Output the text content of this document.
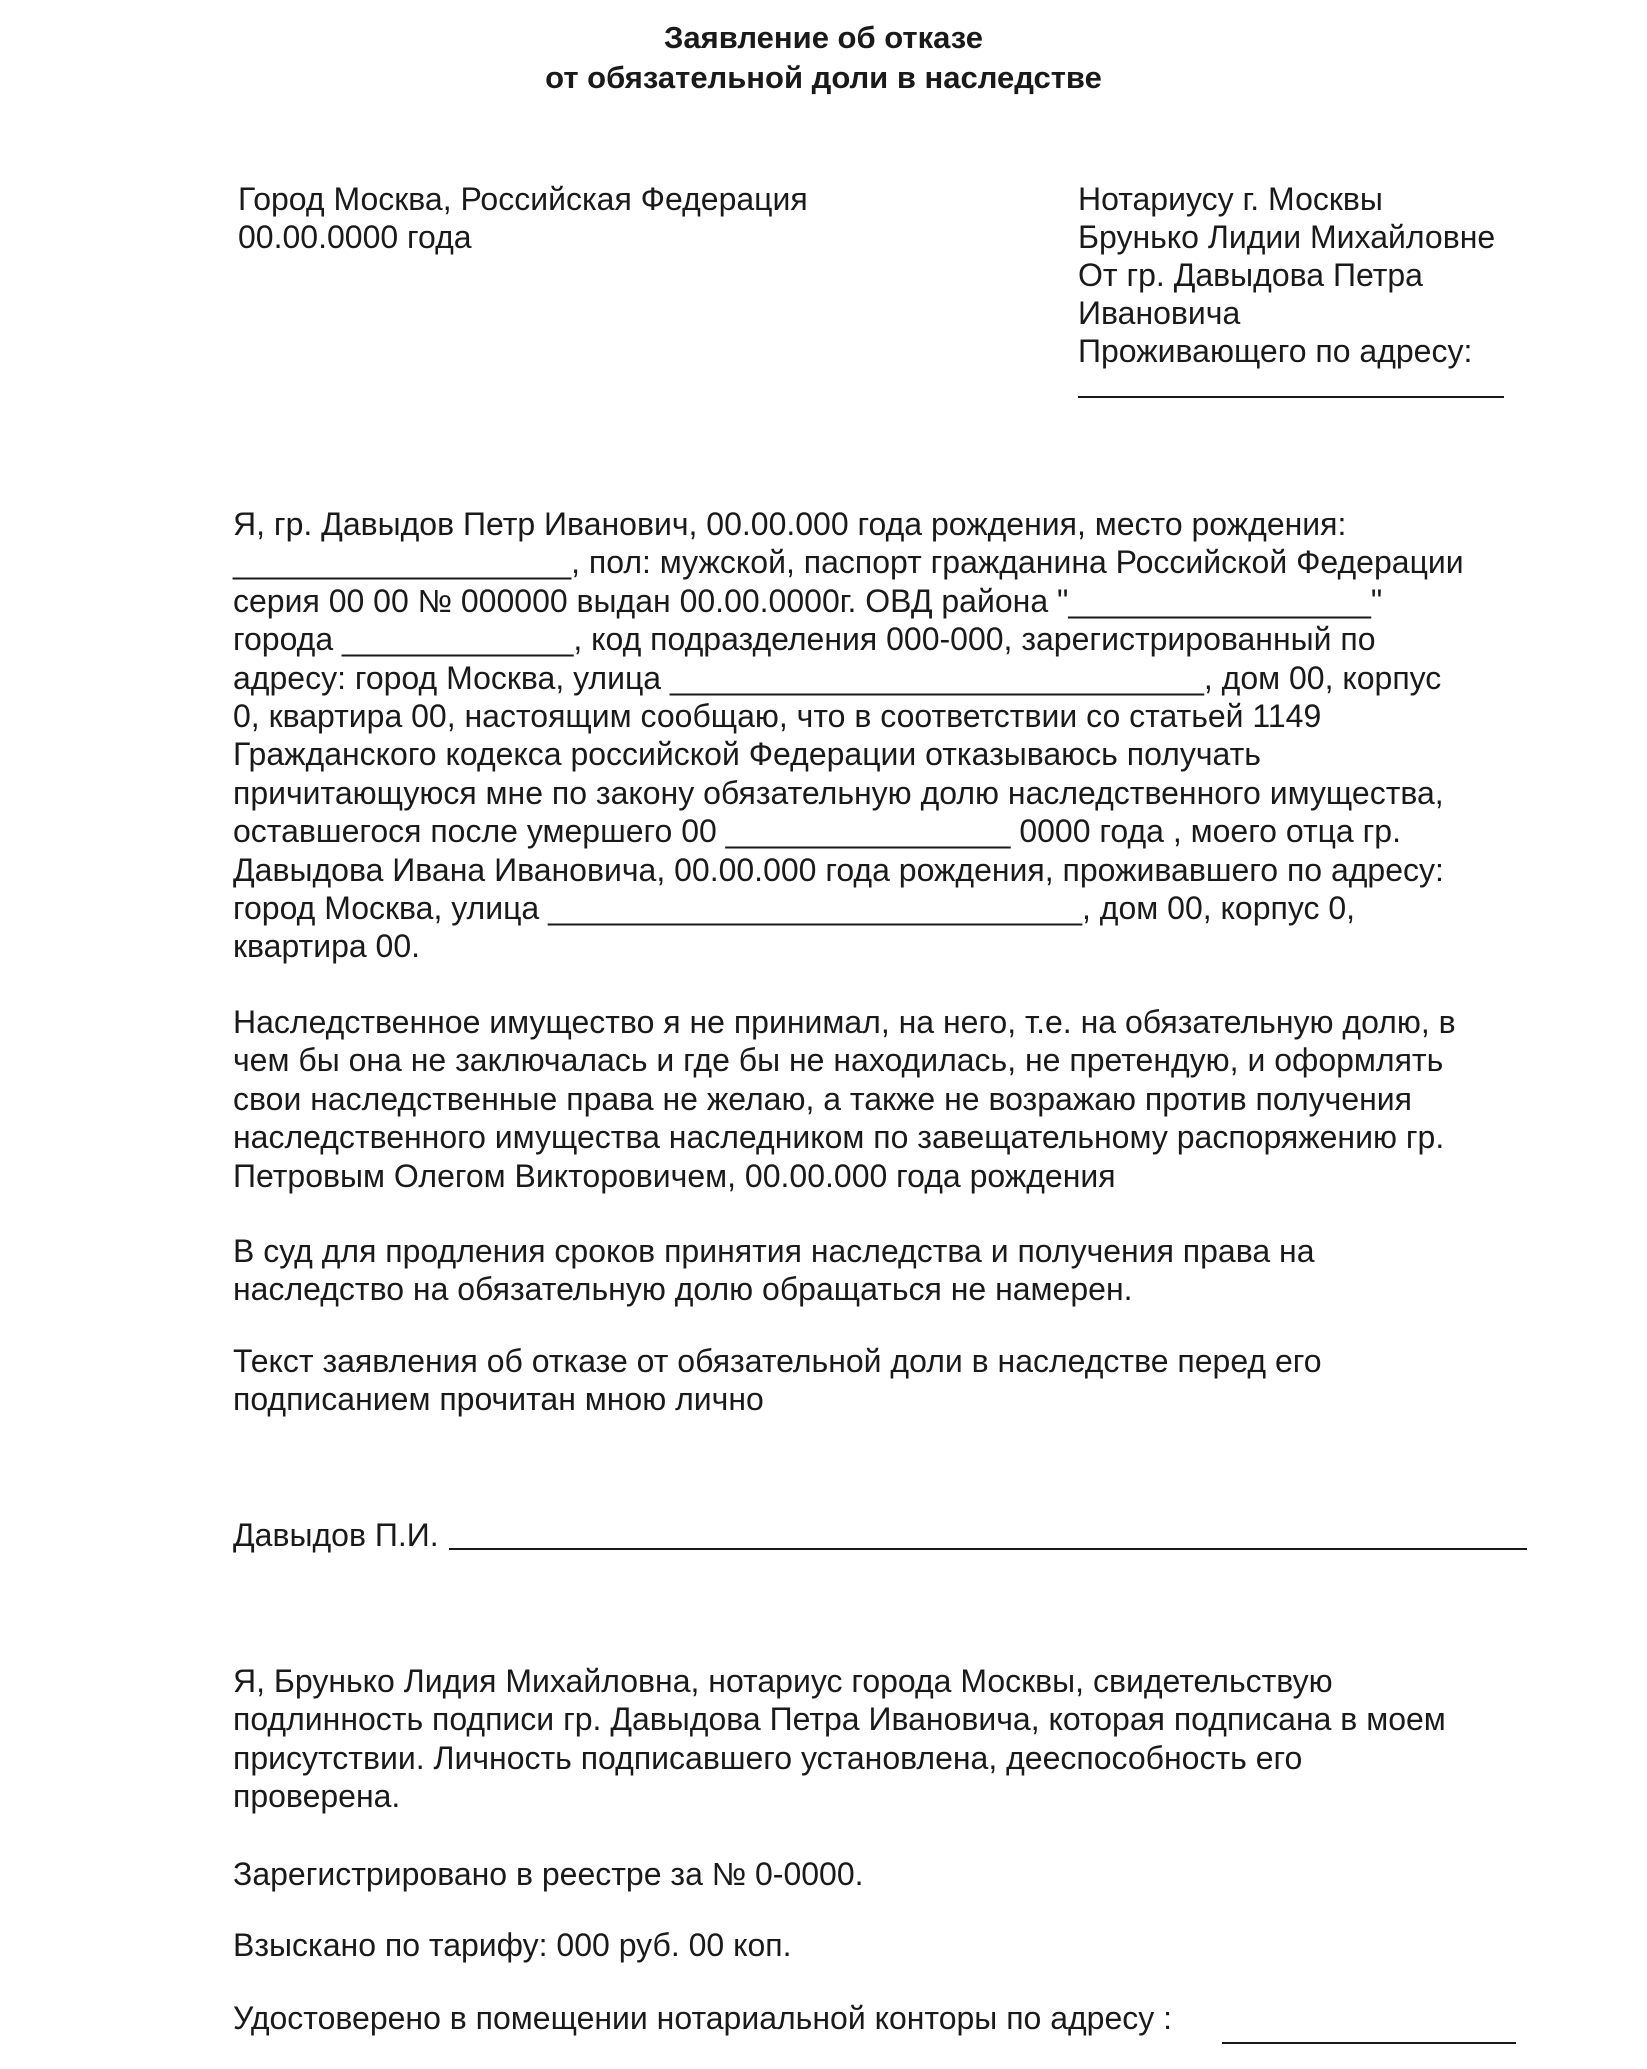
Заявление об отказе
от обязательной доли в наследстве
Город Москва, Российская Федерация
00.00.0000 года
Нотариусу г. Москвы
Брунько Лидии Михайловне
От гр. Давыдова Петра
Ивановича
Проживающего по адресу:
Я, гр. Давыдов Петр Иванович, 00.00.000 года рождения, место рождения:
___________________, пол: мужской, паспорт гражданина Российской Федерации
серия 00 00 № 000000 выдан 00.00.0000г. ОВД района "_________________"
города _____________, код подразделения 000-000, зарегистрированный по
адресу: город Москва, улица ______________________________, дом 00, корпус
0, квартира 00, настоящим сообщаю, что в соответствии со статьей 1149
Гражданского кодекса российской Федерации отказываюсь получать
причитающуюся мне по закону обязательную долю наследственного имущества,
оставшегося после умершего 00 ________________ 0000 года , моего отца гр.
Давыдова Ивана Ивановича, 00.00.000 года рождения, проживавшего по адресу:
город Москва, улица ______________________________, дом 00, корпус 0,
квартира 00.
Наследственное имущество я не принимал, на него, т.е. на обязательную долю, в
чем бы она не заключалась и где бы не находилась, не претендую, и оформлять
свои наследственные права не желаю, а также не возражаю против получения
наследственного имущества наследником по завещательному распоряжению гр.
Петровым Олегом Викторовичем, 00.00.000 года рождения
В суд для продления сроков принятия наследства и получения права на
наследство на обязательную долю обращаться не намерен.
Текст заявления об отказе от обязательной доли в наследстве перед его
подписанием прочитан мною лично
Давыдов П.И.
Я, Брунько Лидия Михайловна, нотариус города Москвы, свидетельствую
подлинность подписи гр. Давыдова Петра Ивановича, которая подписана в моем
присутствии. Личность подписавшего установлена, дееспособность его
проверена.
Зарегистрировано в реестре за № 0-0000.
Взыскано по тарифу: 000 руб. 00 коп.
Удостоверено в помещении нотариальной конторы по адресу :
